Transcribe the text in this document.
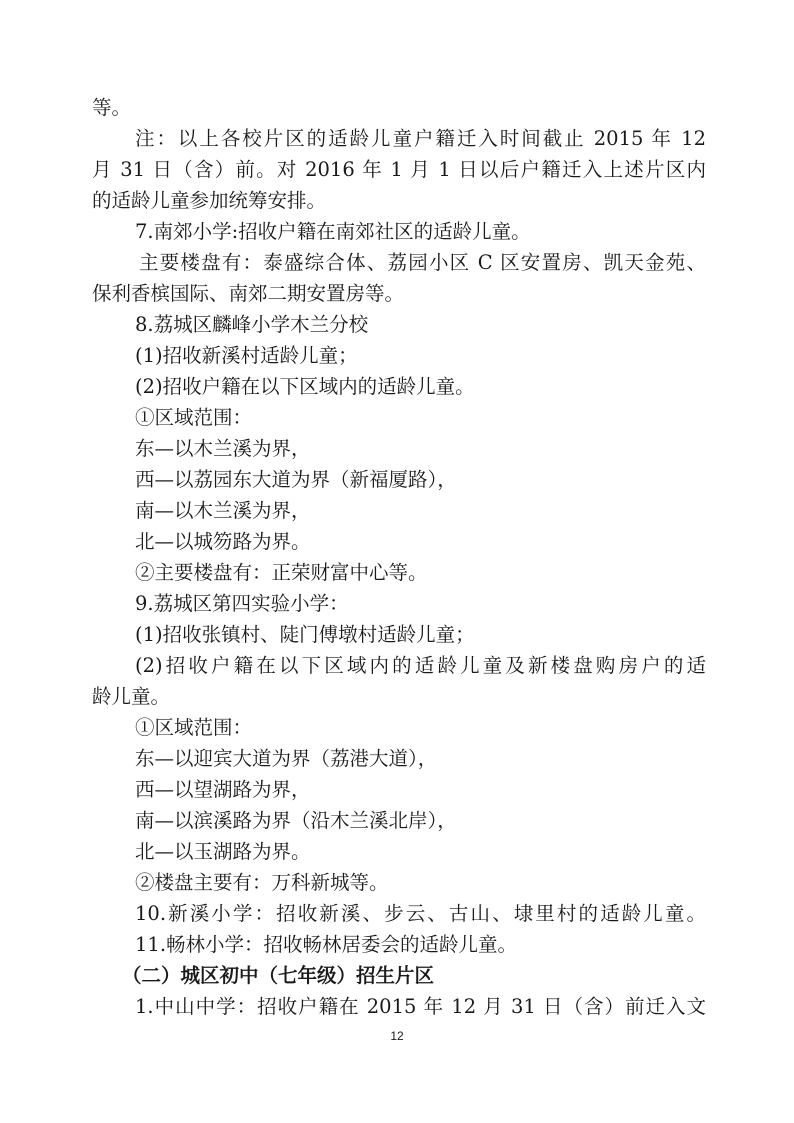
等。
注：以上各校片区的适龄儿童户籍迁入时间截止 2015 年 12
月 31 日（含）前。对 2016 年 1 月 1 日以后户籍迁入上述片区内
的适龄儿童参加统筹安排。
7.南郊小学:招收户籍在南郊社区的适龄儿童。
主要楼盘有：泰盛综合体、荔园小区 C 区安置房、凯天金苑、
保利香槟国际、南郊二期安置房等。
8.荔城区麟峰小学木兰分校
(1)招收新溪村适龄儿童；
(2)招收户籍在以下区域内的适龄儿童。
①区域范围：
东—以木兰溪为界，
西—以荔园东大道为界（新福厦路），
南—以木兰溪为界，
北—以城笏路为界。
②主要楼盘有：正荣财富中心等。
9.荔城区第四实验小学：
(1)招收张镇村、陡门傅墩村适龄儿童；
(2)招收户籍在以下区域内的适龄儿童及新楼盘购房户的适
龄儿童。
①区域范围：
东—以迎宾大道为界（荔港大道），
西—以望湖路为界，
南—以滨溪路为界（沿木兰溪北岸），
北—以玉湖路为界。
②楼盘主要有：万科新城等。
10.新溪小学：招收新溪、步云、古山、埭里村的适龄儿童。
11.畅林小学：招收畅林居委会的适龄儿童。
（二）城区初中（七年级）招生片区
1.中山中学：招收户籍在 2015 年 12 月 31 日（含）前迁入文
12
